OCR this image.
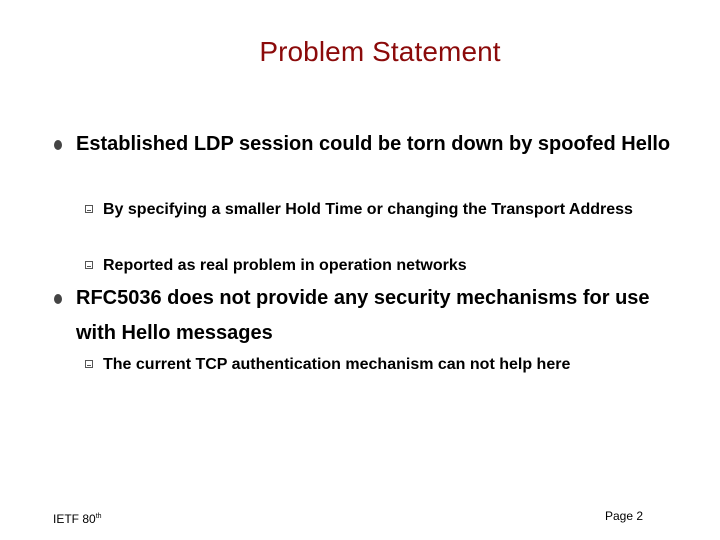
Problem Statement
Established LDP session could be torn down by spoofed Hello
By specifying a smaller Hold Time or changing the Transport Address
Reported as real problem in operation networks
RFC5036 does not provide any security mechanisms for use with Hello messages
The current TCP authentication mechanism can not help here
IETF 80th	Page 2
